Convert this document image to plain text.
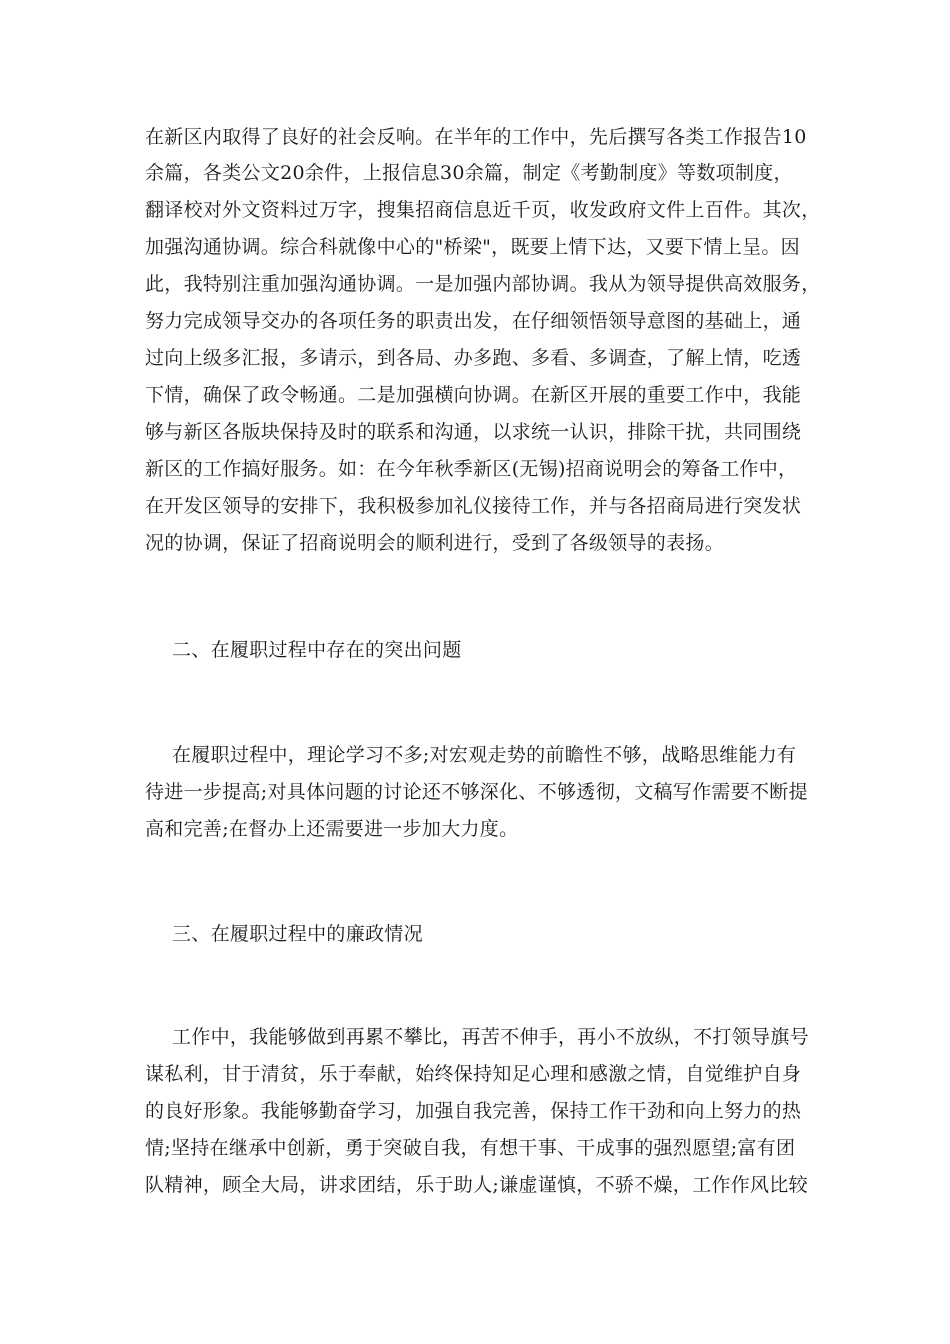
在新区内取得了良好的社会反响。在半年的工作中，先后撰写各类工作报告10
余篇，各类公文20余件，上报信息30余篇，制定《考勤制度》等数项制度，
翻译校对外文资料过万字，搜集招商信息近千页，收发政府文件上百件。其次，
加强沟通协调。综合科就像中心的"桥梁"，既要上情下达，又要下情上呈。因
此，我特别注重加强沟通协调。一是加强内部协调。我从为领导提供高效服务，
努力完成领导交办的各项任务的职责出发，在仔细领悟领导意图的基础上，通
过向上级多汇报，多请示，到各局、办多跑、多看、多调查，了解上情，吃透
下情，确保了政令畅通。二是加强横向协调。在新区开展的重要工作中，我能
够与新区各版块保持及时的联系和沟通，以求统一认识，排除干扰，共同围绕
新区的工作搞好服务。如：在今年秋季新区(无锡)招商说明会的筹备工作中，
在开发区领导的安排下，我积极参加礼仪接待工作，并与各招商局进行突发状
况的协调，保证了招商说明会的顺利进行，受到了各级领导的表扬。
二、在履职过程中存在的突出问题
在履职过程中，理论学习不多;对宏观走势的前瞻性不够，战略思维能力有
待进一步提高;对具体问题的讨论还不够深化、不够透彻，文稿写作需要不断提
高和完善;在督办上还需要进一步加大力度。
三、在履职过程中的廉政情况
工作中，我能够做到再累不攀比，再苦不伸手，再小不放纵，不打领导旗号
谋私利，甘于清贫，乐于奉献，始终保持知足心理和感激之情，自觉维护自身
的良好形象。我能够勤奋学习，加强自我完善，保持工作干劲和向上努力的热
情;坚持在继承中创新，勇于突破自我，有想干事、干成事的强烈愿望;富有团
队精神，顾全大局，讲求团结，乐于助人;谦虚谨慎，不骄不燥，工作作风比较
